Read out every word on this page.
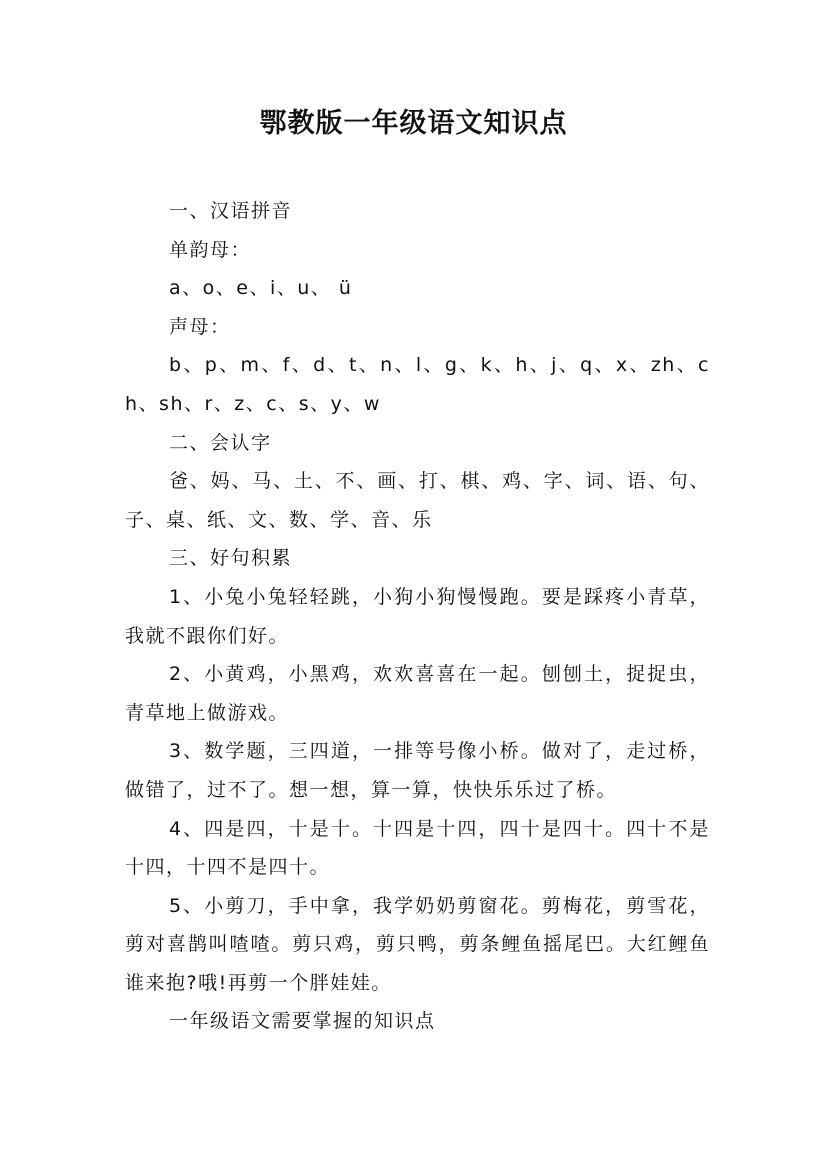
鄂教版一年级语文知识点

一、汉语拼音

单韵母：

a、o、e、i、u、 ü

声母：

b、p、m、f、d、t、n、l、g、k、h、j、q、x、zh、ch、sh、r、z、c、s、y、w

二、会认字

爸、妈、马、土、不、画、打、棋、鸡、字、词、语、句、子、桌、纸、文、数、学、音、乐

三、好句积累

1、小兔小兔轻轻跳，小狗小狗慢慢跑。要是踩疼小青草，我就不跟你们好。

2、小黄鸡，小黑鸡，欢欢喜喜在一起。刨刨土，捉捉虫，青草地上做游戏。

3、数学题，三四道，一排等号像小桥。做对了，走过桥，做错了，过不了。想一想，算一算，快快乐乐过了桥。

4、四是四，十是十。十四是十四，四十是四十。四十不是十四，十四不是四十。

5、小剪刀，手中拿，我学奶奶剪窗花。剪梅花，剪雪花，剪对喜鹊叫喳喳。剪只鸡，剪只鸭，剪条鲤鱼摇尾巴。大红鲤鱼谁来抱?哦!再剪一个胖娃娃。

一年级语文需要掌握的知识点
